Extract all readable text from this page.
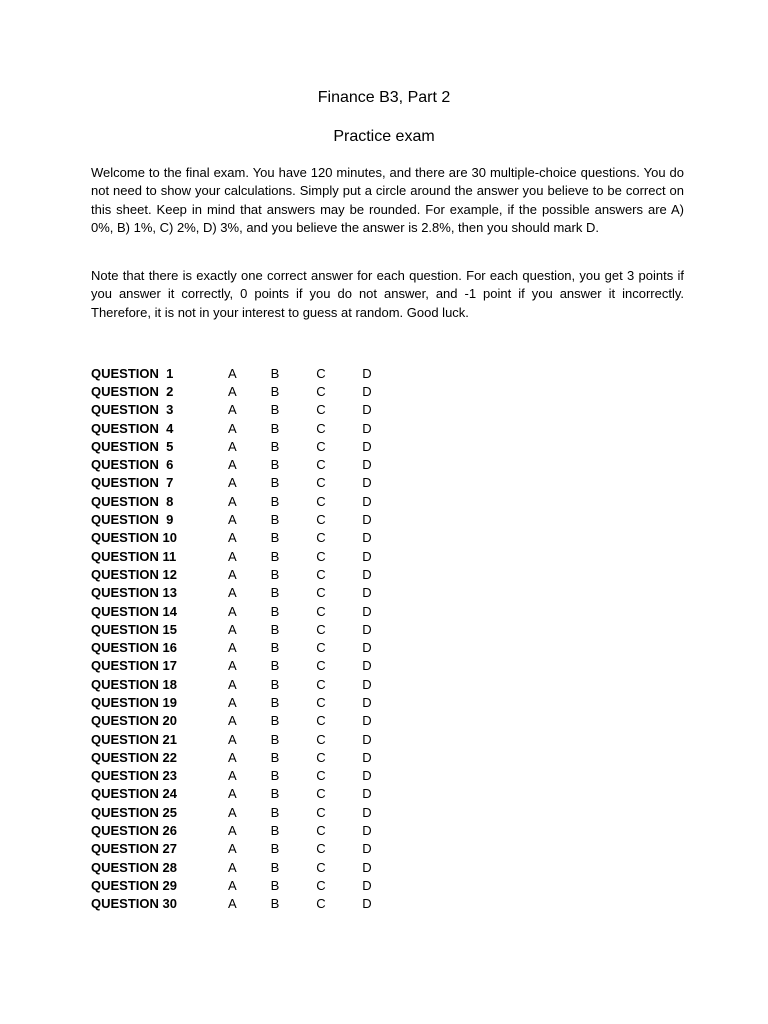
Finance B3, Part 2
Practice exam

Welcome to the final exam. You have 120 minutes, and there are 30 multiple-choice questions. You do not need to show your calculations. Simply put a circle around the answer you believe to be correct on this sheet. Keep in mind that answers may be rounded. For example, if the possible answers are A) 0%, B) 1%, C) 2%, D) 3%, and you believe the answer is 2.8%, then you should mark D.

Note that there is exactly one correct answer for each question. For each question, you get 3 points if you answer it correctly, 0 points if you do not answer, and -1 point if you answer it incorrectly. Therefore, it is not in your interest to guess at random. Good luck.

QUESTION  1	A	B	C	D
QUESTION  2	A	B	C	D
QUESTION  3	A	B	C	D
QUESTION  4	A	B	C	D
QUESTION  5	A	B	C	D
QUESTION  6	A	B	C	D
QUESTION  7	A	B	C	D
QUESTION  8	A	B	C	D
QUESTION  9	A	B	C	D
QUESTION 10	A	B	C	D
QUESTION 11	A	B	C	D
QUESTION 12	A	B	C	D
QUESTION 13	A	B	C	D
QUESTION 14	A	B	C	D
QUESTION 15	A	B	C	D
QUESTION 16	A	B	C	D
QUESTION 17	A	B	C	D
QUESTION 18	A	B	C	D
QUESTION 19	A	B	C	D
QUESTION 20	A	B	C	D
QUESTION 21	A	B	C	D
QUESTION 22	A	B	C	D
QUESTION 23	A	B	C	D
QUESTION 24	A	B	C	D
QUESTION 25	A	B	C	D
QUESTION 26	A	B	C	D
QUESTION 27	A	B	C	D
QUESTION 28	A	B	C	D
QUESTION 29	A	B	C	D
QUESTION 30	A	B	C	D
